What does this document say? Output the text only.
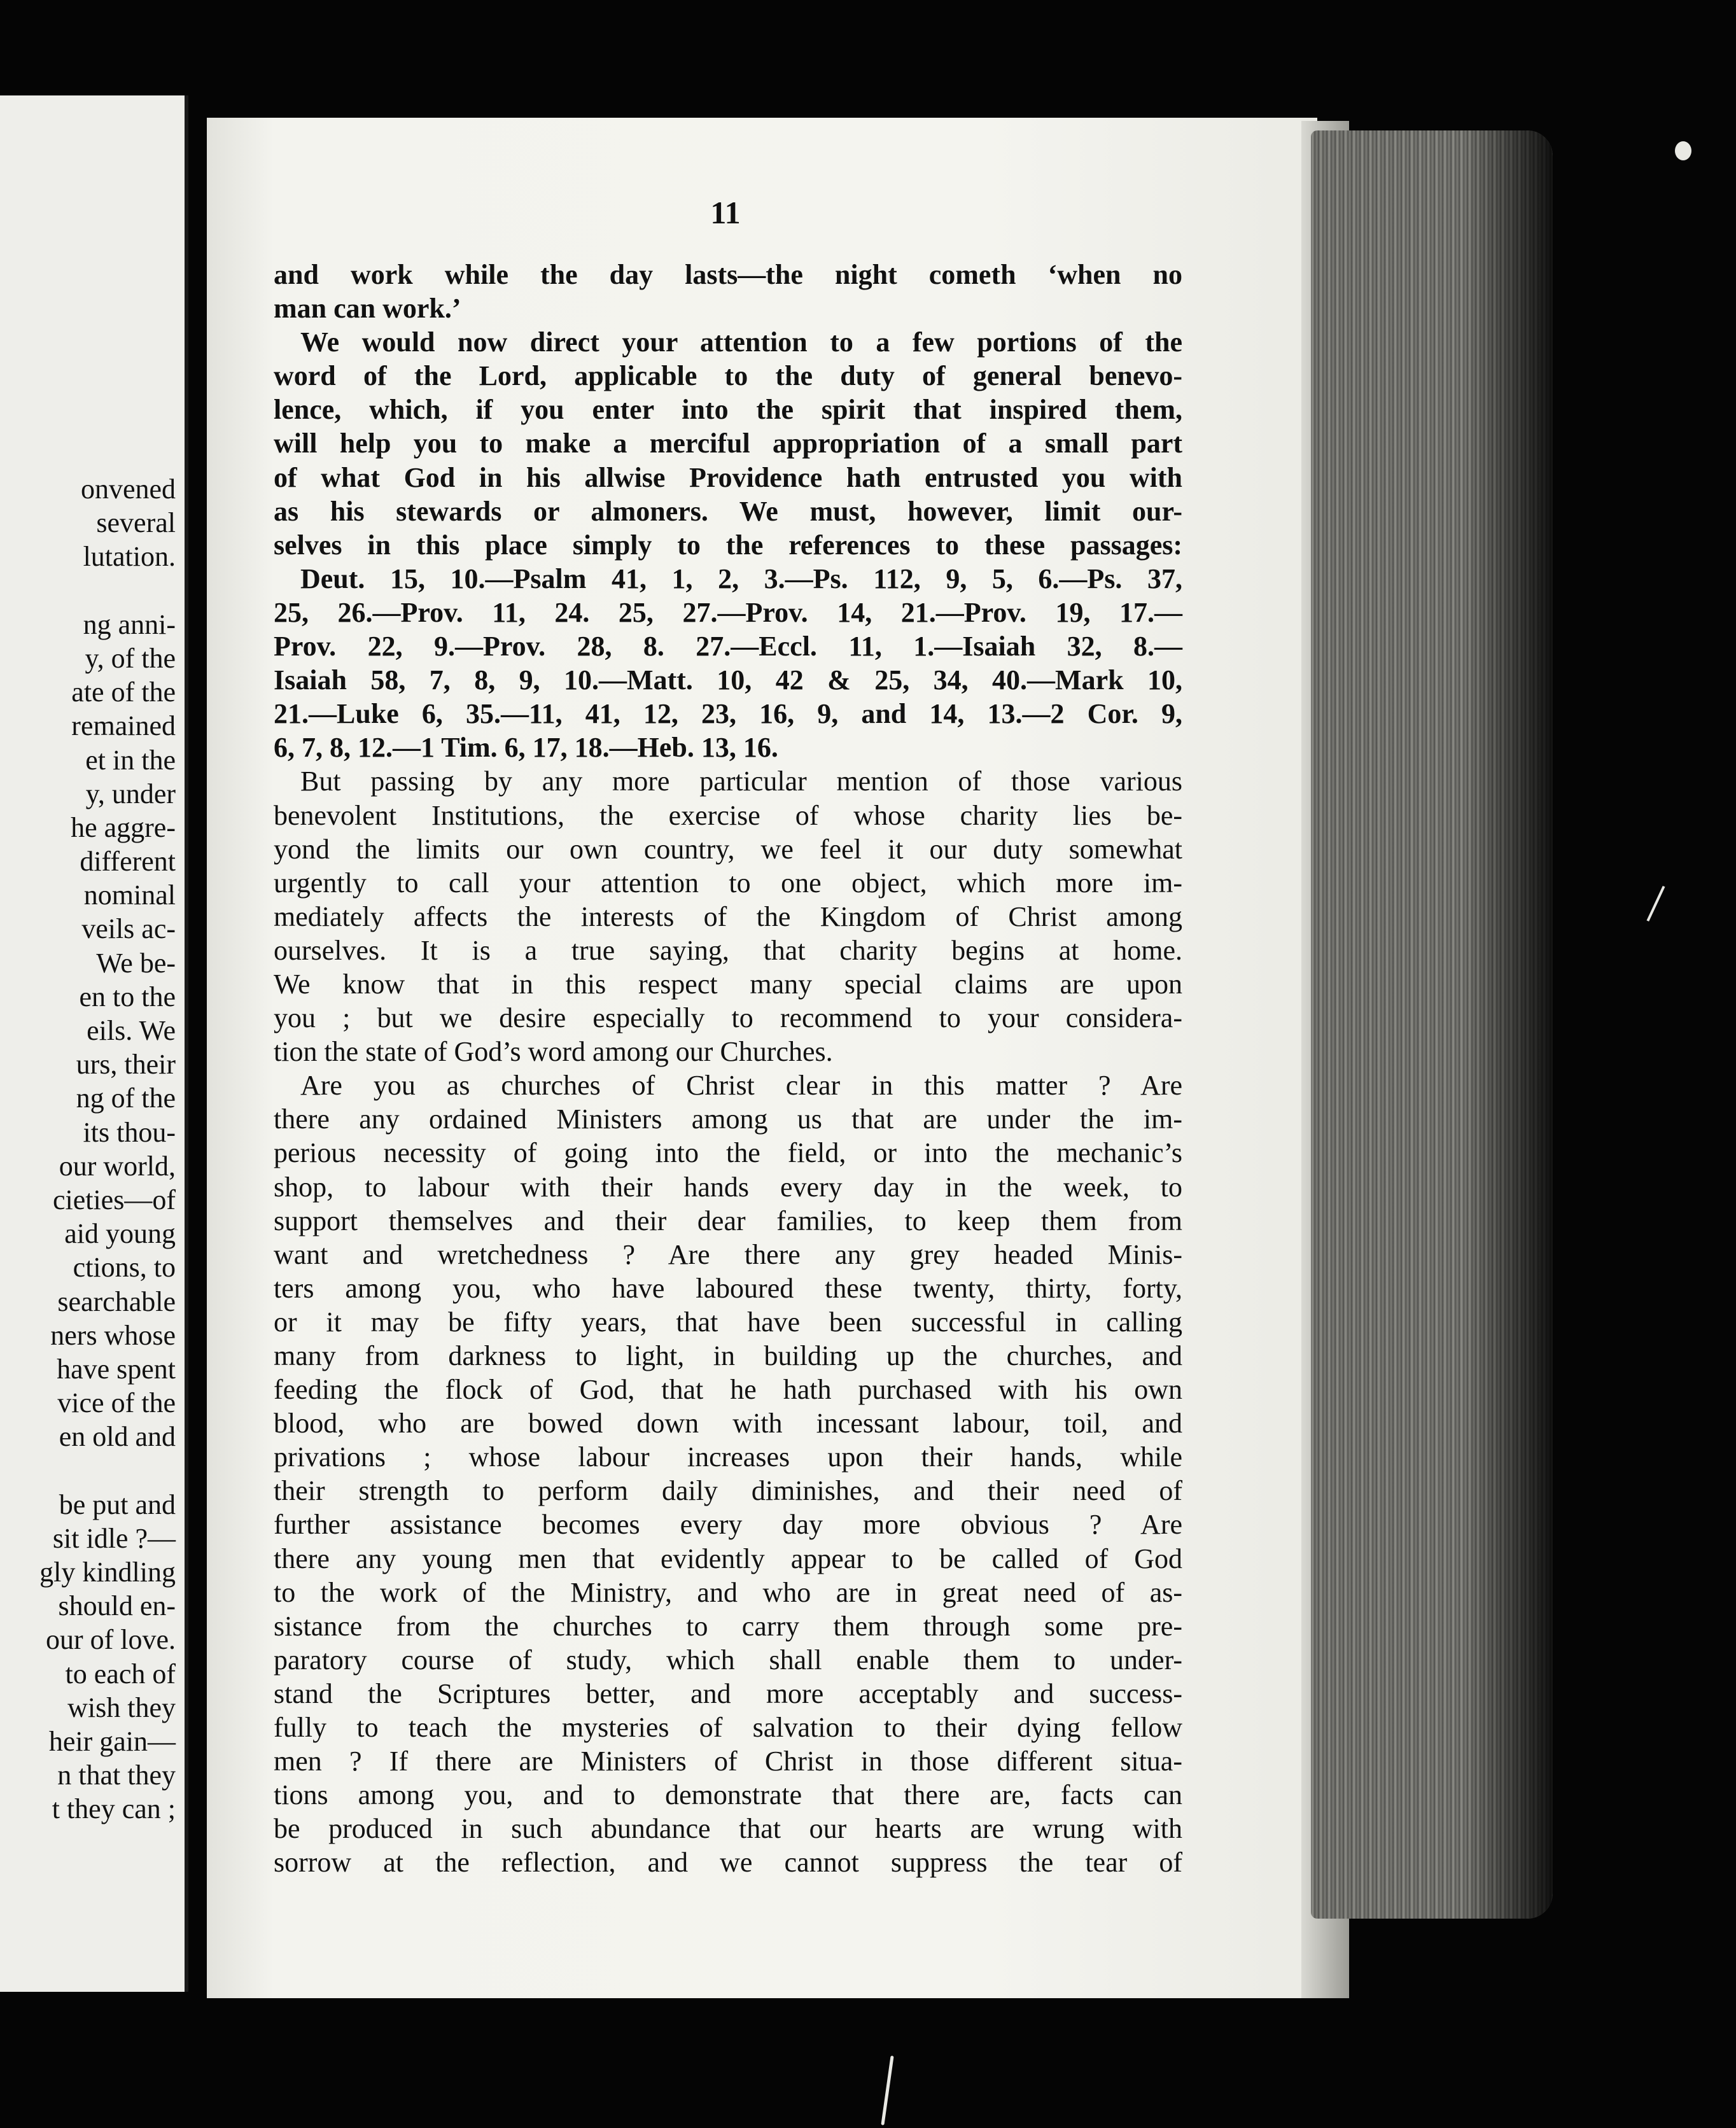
onvened
several
lutation.
ng anni-
y, of the
ate of the
remained
et in the
y, under
he aggre-
different
nominal
veils ac-
We be-
en to the
eils. We
urs, their
ng of the
its thou-
our world,
cieties—of
aid young
ctions, to
searchable
ners whose
have spent
vice of the
en old and
be put and
sit idle ?—
gly kindling
should en-
our of love.
to each of
wish they
heir gain—
n that they
t they can ;
11
and work while the day lasts—the night cometh ‘when no
man can work.’
We would now direct your attention to a few portions of the
word of the Lord, applicable to the duty of general benevo-
lence, which, if you enter into the spirit that inspired them,
will help you to make a merciful appropriation of a small part
of what God in his allwise Providence hath entrusted you with
as his stewards or almoners. We must, however, limit our-
selves in this place simply to the references to these passages:
Deut. 15, 10.—Psalm 41, 1, 2, 3.—Ps. 112, 9, 5, 6.—Ps. 37,
25, 26.—Prov. 11, 24. 25, 27.—Prov. 14, 21.—Prov. 19, 17.—
Prov. 22, 9.—Prov. 28, 8. 27.—Eccl. 11, 1.—Isaiah 32, 8.—
Isaiah 58, 7, 8, 9, 10.—Matt. 10, 42 & 25, 34, 40.—Mark 10,
21.—Luke 6, 35.—11, 41, 12, 23, 16, 9, and 14, 13.—2 Cor. 9,
6, 7, 8, 12.—1 Tim. 6, 17, 18.—Heb. 13, 16.
But passing by any more particular mention of those various
benevolent Institutions, the exercise of whose charity lies be-
yond the limits our own country, we feel it our duty somewhat
urgently to call your attention to one object, which more im-
mediately affects the interests of the Kingdom of Christ among
ourselves. It is a true saying, that charity begins at home.
We know that in this respect many special claims are upon
you ; but we desire especially to recommend to your considera-
tion the state of God’s word among our Churches.
Are you as churches of Christ clear in this matter ? Are
there any ordained Ministers among us that are under the im-
perious necessity of going into the field, or into the mechanic’s
shop, to labour with their hands every day in the week, to
support themselves and their dear families, to keep them from
want and wretchedness ? Are there any grey headed Minis-
ters among you, who have laboured these twenty, thirty, forty,
or it may be fifty years, that have been successful in calling
many from darkness to light, in building up the churches, and
feeding the flock of God, that he hath purchased with his own
blood, who are bowed down with incessant labour, toil, and
privations ; whose labour increases upon their hands, while
their strength to perform daily diminishes, and their need of
further assistance becomes every day more obvious ? Are
there any young men that evidently appear to be called of God
to the work of the Ministry, and who are in great need of as-
sistance from the churches to carry them through some pre-
paratory course of study, which shall enable them to under-
stand the Scriptures better, and more acceptably and success-
fully to teach the mysteries of salvation to their dying fellow
men ? If there are Ministers of Christ in those different situa-
tions among you, and to demonstrate that there are, facts can
be produced in such abundance that our hearts are wrung with
sorrow at the reflection, and we cannot suppress the tear of
